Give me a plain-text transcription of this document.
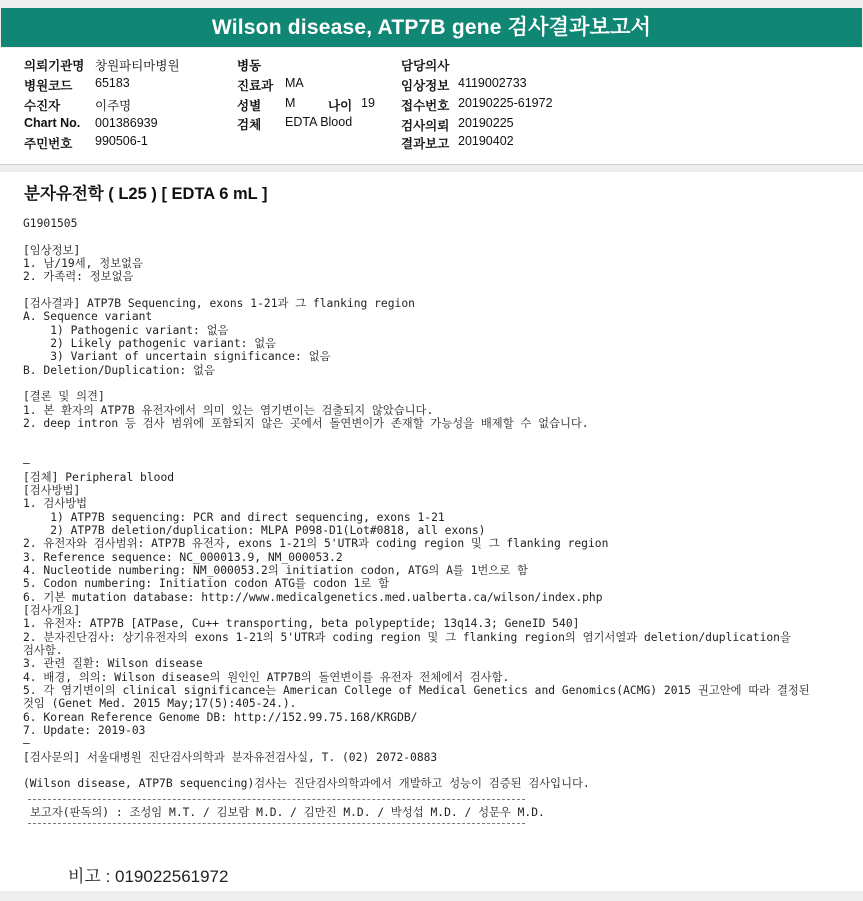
Wilson disease, ATP7B gene 검사결과보고서
의뢰기관명 창원파티마병원
병원코드 65183
수진자	이주명
Chart No. 001386939
주민번호 990506-1
병동
진료과 MA
성별 M	나이 19
검체 EDTA Blood
담당의사
임상정보 4119002733
접수번호 20190225-61972
검사의뢰 20190225
결과보고 20190402
분자유전학 ( L25 ) [ EDTA 6 mL ]
G1901505

[임상정보]
1. 남/19세, 정보없음
2. 가족력: 정보없음

[검사결과] ATP7B Sequencing, exons 1-21과 그 flanking region
A. Sequence variant
1) Pathogenic variant: 없음
2) Likely pathogenic variant: 없음
3) Variant of uncertain significance: 없음
B. Deletion/Duplication: 없음

[결론 및 의견]
1. 본 환자의 ATP7B 유전자에서 의미 있는 염기변이는 검출되지 않았습니다.
2. deep intron 등 검사 범위에 포함되지 않은 곳에서 돌연변이가 존재할 가능성을 배제할 수 없습니다.

—
[검체] Peripheral blood
[검사방법]
1. 검사방법
1) ATP7B sequencing: PCR and direct sequencing, exons 1-21
2) ATP7B deletion/duplication: MLPA P098-D1(Lot#0818, all exons)
2. 유전자와 검사범위: ATP7B 유전자, exons 1-21의 5'UTR과 coding region 및 그 flanking region
3. Reference sequence: NC_000013.9, NM_000053.2
4. Nucleotide numbering: NM_000053.2의 initiation codon, ATG의 A를 1번으로 함
5. Codon numbering: Initiation codon ATG를 codon 1로 함
6. 기본 mutation database: http://www.medicalgenetics.med.ualberta.ca/wilson/index.php
[검사개요]
1. 유전자: ATP7B [ATPase, Cu++ transporting, beta polypeptide; 13q14.3; GeneID 540]
2. 분자진단검사: 상기유전자의 exons 1-21의 5'UTR과 coding region 및 그 flanking region의 염기서열과 deletion/duplication을
검사함.
3. 관련 질환: Wilson disease
4. 배경, 의의: Wilson disease의 원인인 ATP7B의 돌연변이를 유전자 전체에서 검사함.
5. 각 염기변이의 clinical significance는 American College of Medical Genetics and Genomics(ACMG) 2015 권고안에 따라 결정된
것임 (Genet Med. 2015 May;17(5):405-24.).
6. Korean Reference Genome DB: http://152.99.75.168/KRGDB/
7. Update: 2019-03
—
[검사문의] 서울대병원 진단검사의학과 분자유전검사실, T. (02) 2072-0883

(Wilson disease, ATP7B sequencing)검사는 진단검사의학과에서 개발하고 성능이 검증된 검사입니다.
보고자(판독의) : 조성임 M.T. / 김보람 M.D. / 김만진 M.D. / 박성섭 M.D. / 성문우 M.D.
비고 : 019022561972
